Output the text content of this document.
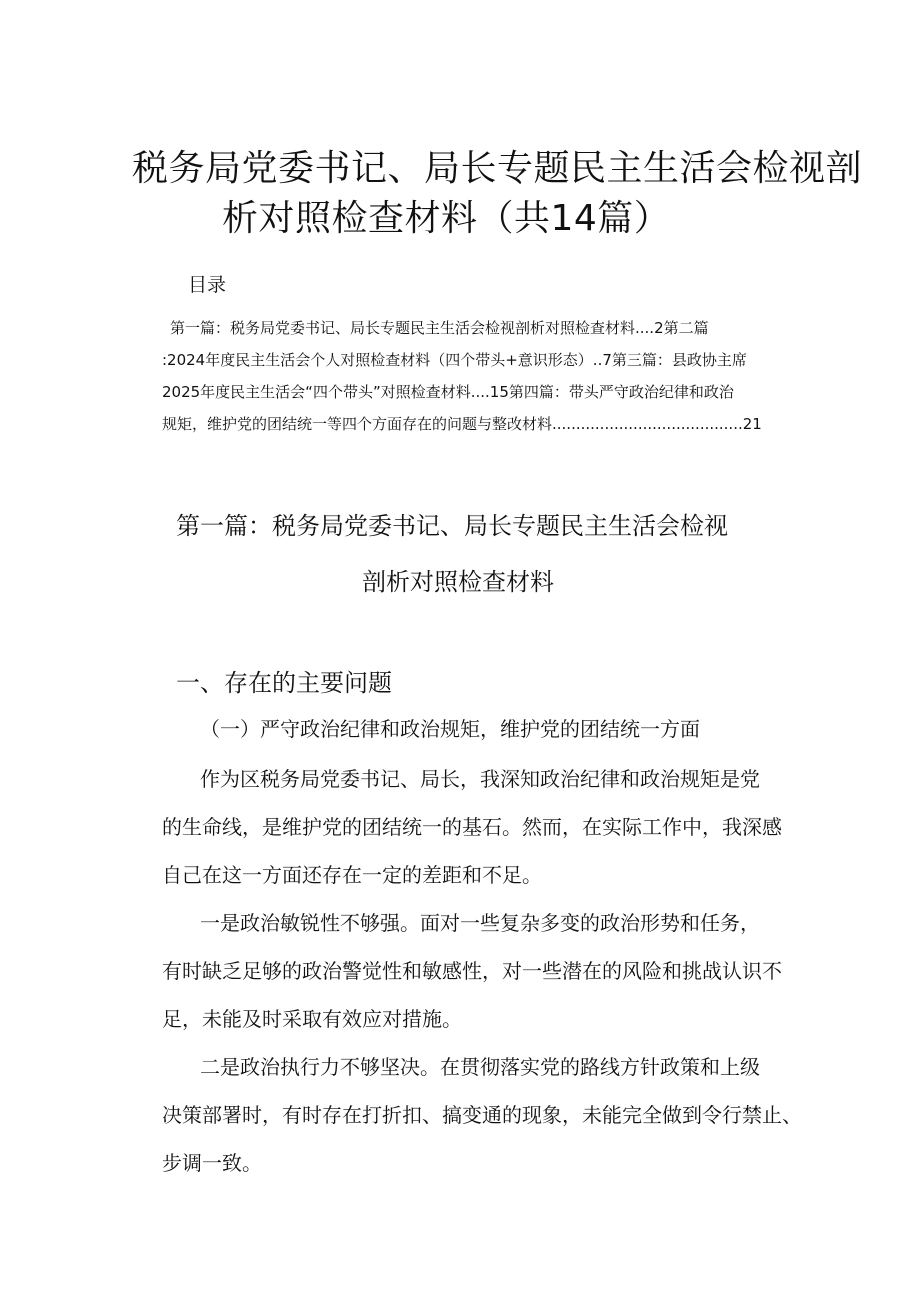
税务局党委书记、局长专题民主生活会检视剖
析对照检查材料（共14篇）
目录
第一篇：税务局党委书记、局长专题民主生活会检视剖析对照检查材料....2第二篇
:2024年度民主生活会个人对照检查材料（四个带头+意识形态）..7第三篇：县政协主席
2025年度民主生活会“四个带头”对照检查材料....15第四篇：带头严守政治纪律和政治
规矩，维护党的团结统一等四个方面存在的问题与整改材料........................................21
第一篇：税务局党委书记、局长专题民主生活会检视
剖析对照检查材料
一、存在的主要问题
（一）严守政治纪律和政治规矩，维护党的团结统一方面
作为区税务局党委书记、局长，我深知政治纪律和政治规矩是党
的生命线，是维护党的团结统一的基石。然而，在实际工作中，我深感
自己在这一方面还存在一定的差距和不足。
一是政治敏锐性不够强。面对一些复杂多变的政治形势和任务，
有时缺乏足够的政治警觉性和敏感性，对一些潜在的风险和挑战认识不
足，未能及时采取有效应对措施。
二是政治执行力不够坚决。在贯彻落实党的路线方针政策和上级
决策部署时，有时存在打折扣、搞变通的现象，未能完全做到令行禁止、
步调一致。
